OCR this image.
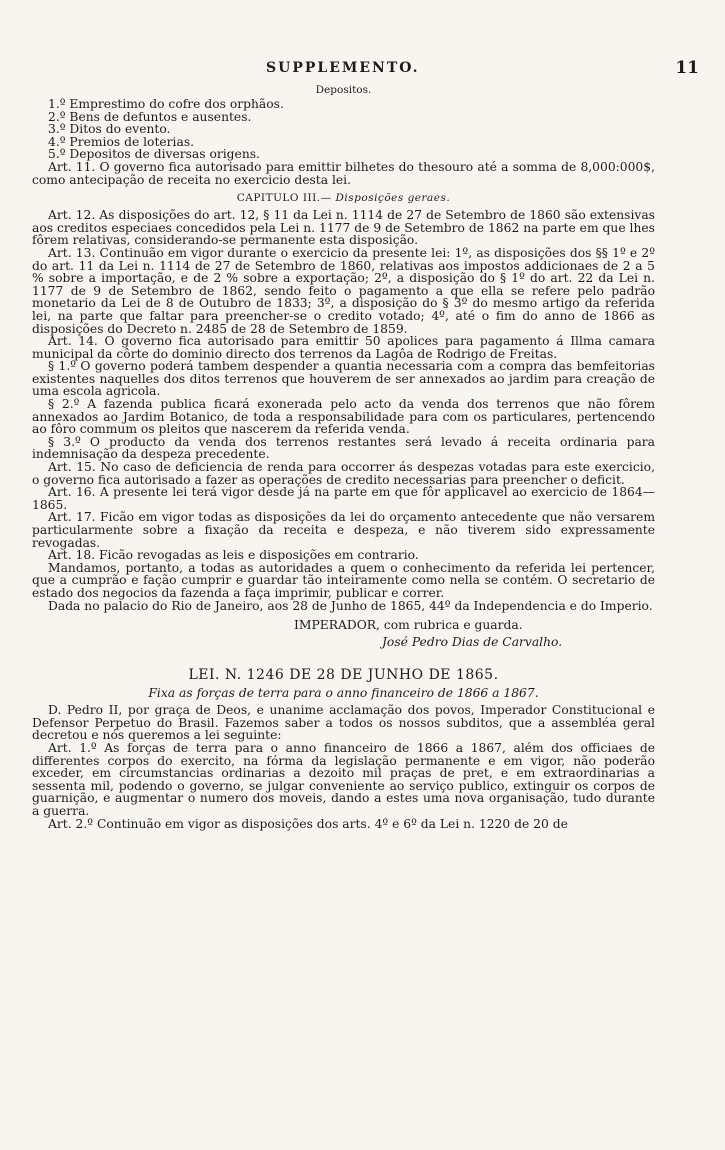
SUPPLEMENTO.	11
Depositos.
1.º Emprestimo do cofre dos orphãos.
2.º Bens de defuntos e ausentes.
3.º Ditos do evento.
4.º Premios de loterias.
5.º Depositos de diversas origens.

Art. 11. O governo fica autorisado para emittir bilhetes do thesouro até a somma de 8,000:000$, como antecipação de receita no exercicio desta lei.

CAPITULO III.— Disposições geraes.

Art. 12. As disposições do art. 12, § 11 da Lei n. 1114 de 27 de Setembro de 1860 são extensivas aos creditos especiaes concedidos pela Lei n. 1177 de 9 de Setembro de 1862 na parte em que lhes fôrem relativas, considerando-se permanente esta disposição.

Art. 13. Continuão em vigor durante o exercicio da presente lei: 1º, as disposições dos §§ 1º e 2º do art. 11 da Lei n. 1114 de 27 de Setembro de 1860, relativas aos impostos addicionaes de 2 a 5 % sobre a importação, e de 2 % sobre a exportação; 2º, a disposição do § 1º do art. 22 da Lei n. 1177 de 9 de Setembro de 1862, sendo feito o pagamento a que ella se refere pelo padrão monetario da Lei de 8 de Outubro de 1833; 3º, a disposição do § 3º do mesmo artigo da referida lei, na parte que faltar para preencher-se o credito votado; 4º, até o fim do anno de 1866 as disposições do Decreto n. 2485 de 28 de Setembro de 1859.

Art. 14. O governo fica autorisado para emittir 50 apolices para pagamento á Illma camara municipal da côrte do dominio directo dos terrenos da Lagôa de Rodrigo de Freitas.

§ 1.º O governo poderá tambem despender a quantia necessaria com a compra das bemfeitorias existentes naquelles dos ditos terrenos que houverem de ser annexados ao jardim para creação de uma escola agricola.

§ 2.º A fazenda publica ficará exonerada pelo acto da venda dos terrenos que não fôrem annexados ao Jardim Botanico, de toda a responsabilidade para com os particulares, pertencendo ao fôro commum os pleitos que nascerem da referida venda.

§ 3.º O producto da venda dos terrenos restantes será levado á receita ordinaria para indemnisação da despeza precedente.

Art. 15. No caso de deficiencia de renda para occorrer ás despezas votadas para este exercicio, o governo fica autorisado a fazer as operações de credito necessarias para preencher o deficit.

Art. 16. A presente lei terá vigor desde já na parte em que fôr applicavel ao exercicio de 1864—1865.

Art. 17. Ficão em vigor todas as disposições da lei do orçamento antecedente que não versarem particularmente sobre a fixação da receita e despeza, e não tiverem sido expressamente revogadas.

Art. 18. Ficão revogadas as leis e disposições em contrario.

Mandamos, portanto, a todas as autoridades a quem o conhecimento da referida lei pertencer, que a cumprão e fação cumprir e guardar tão inteiramente como nella se contém. O secretario de estado dos negocios da fazenda a faça imprimir, publicar e correr.

Dada no palacio do Rio de Janeiro, aos 28 de Junho de 1865, 44º da Independencia e do Imperio.

IMPERADOR, com rubrica e guarda.
José Pedro Dias de Carvalho.
LEI. N. 1246 DE 28 DE JUNHO DE 1865.
Fixa as forças de terra para o anno financeiro de 1866 a 1867.

D. Pedro II, por graça de Deos, e unanime acclamação dos povos, Imperador Constitucional e Defensor Perpetuo do Brasil. Fazemos saber a todos os nossos subditos, que a assembléa geral decretou e nós queremos a lei seguinte:

Art. 1.º As forças de terra para o anno financeiro de 1866 a 1867, além dos officiaes de differentes corpos do exercito, na fórma da legislação permanente e em vigor, não poderão exceder, em circumstancias ordinarias a dezoito mil praças de pret, e em extraordinarias a sessenta mil, podendo o governo, se julgar conveniente ao serviço publico, extinguir os corpos de guarnição, e augmentar o numero dos moveis, dando a estes uma nova organisação, tudo durante a guerra.

Art. 2.º Continuão em vigor as disposições dos arts. 4º e 6º da Lei n. 1220 de 20 de
